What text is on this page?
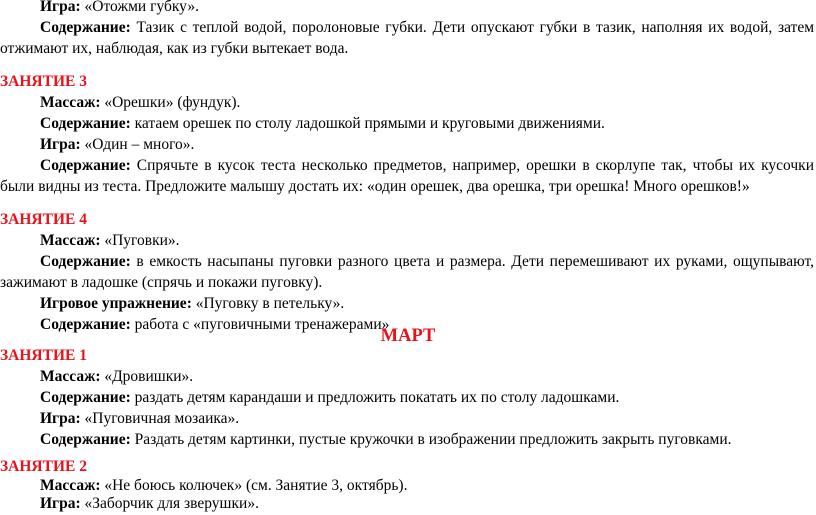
Игра: «Отожми губку».
Содержание: Тазик с теплой водой, поролоновые губки. Дети опускают губки в тазик, наполняя их водой, затем
отжимают их, наблюдая, как из губки вытекает вода.
ЗАНЯТИЕ 3
Массаж: «Орешки» (фундук).
Содержание: катаем орешек по столу ладошкой прямыми и круговыми движениями.
Игра: «Один – много».
Содержание: Спрячьте в кусок теста несколько предметов, например, орешки в скорлупе так, чтобы их кусочки
были видны из теста. Предложите малышу достать их: «один орешек, два орешка, три орешка! Много орешков!»
ЗАНЯТИЕ 4
Массаж: «Пуговки».
Содержание: в емкость насыпаны пуговки разного цвета и размера. Дети перемешивают их руками, ощупывают,
зажимают в ладошке (спрячь и покажи пуговку).
Игровое упражнение: «Пуговку в петельку».
Содержание: работа с «пуговичными тренажерами»
МАРТ
ЗАНЯТИЕ 1
Массаж: «Дровишки».
Содержание: раздать детям карандаши и предложить покатать их по столу ладошками.
Игра: «Пуговичная мозаика».
Содержание: Раздать детям картинки, пустые кружочки в изображении предложить закрыть пуговками.
ЗАНЯТИЕ 2
Массаж: «Не боюсь колючек» (см. Занятие 3, октябрь).
Игра: «Заборчик для зверушки».
